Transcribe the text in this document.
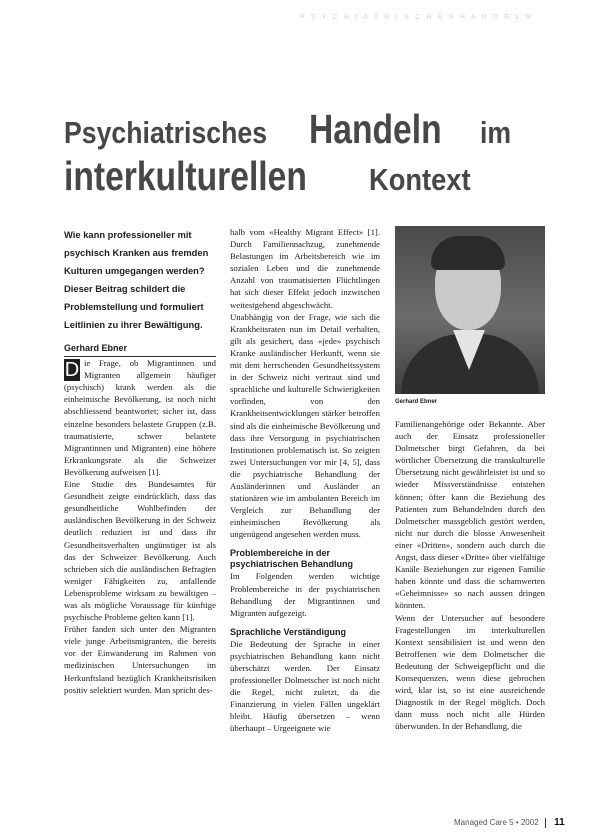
P S Y C H I A T R I S C H E S H A N D E L N
Psychiatrisches Handeln im
interkulturellen Kontext

Wie kann professioneller mit psychisch Kranken aus fremden Kulturen umgegangen werden? Dieser Beitrag schildert die Problemstellung und formuliert Leitlinien zu ihrer Bewältigung.

Gerhard Ebner

D ie Frage, ob Migrantinnen und Migranten allgemein häufiger (psychisch) krank werden als die einheimische Bevölkerung, ist noch nicht abschliessend beantwortet; sicher ist, dass einzelne besonders belastete Gruppen (z.B. traumatisierte, schwer belastete Migrantinnen und Migranten) eine höhere Erkrankungsrate als die Schweizer Bevölkerung aufweisen [1].

Eine Studie des Bundesamtes für Gesundheit zeigte eindrücklich, dass das gesundheitliche Wohlbefinden der ausländischen Bevölkerung in der Schweiz deutlich reduziert ist und dass ihr Gesundheitsverhalten ungünstiger ist als das der Schweizer Bevölkerung. Auch schrieben sich die ausländischen Befragten weniger Fähigkeiten zu, anfallende Lebensprobleme wirksam zu bewältigen – was als mögliche Voraussage für künftige psychische Probleme gelten kann [1].

Früher fanden sich unter den Migranten viele junge Arbeitsmigranten, die bereits vor der Einwanderung im Rahmen von medizinischen Untersuchungen im Herkunftsland bezüglich Krankheitsrisiken positiv selektiert wurden. Man spricht des-

halb vom «Healthy Migrant Effect» [1]. Durch Familiennachzug, zunehmende Belastungen im Arbeitsbereich wie im sozialen Leben und die zunehmende Anzahl von traumatisierten Flüchtlingen hat sich dieser Effekt jedoch inzwischen weitestgehend abgeschwächt.

Unabhängig von der Frage, wie sich die Krankheitsraten nun im Detail verhalten, gilt als gesichert, dass «jede» psychisch Kranke ausländischer Herkunft, wenn sie mit dem herrschenden Gesundheitssystem in der Schweiz nicht vertraut sind und sprachliche und kulturelle Schwierigkeiten vorfinden, von den Krankheitsentwicklungen stärker betroffen sind als die einheimische Bevölkerung und dass ihre Versorgung in psychiatrischen Institutionen problematisch ist. So zeigten zwei Untersuchungen vor mir [4, 5], dass die psychiatrische Behandlung der Ausländerinnen und Ausländer an stationären wie im ambulanten Bereich im Vergleich zur Behandlung der einheimischen Bevölkerung als ungenügend angesehen werden muss.

Problembereiche in der psychiatrischen Behandlung

Im Folgenden werden wichtige Problembereiche in der psychiatrischen Behandlung der Migrantinnen und Migranten aufgezeigt.

Sprachliche Verständigung

Die Bedeutung der Sprache in einer psychiatrischen Behandlung kann nicht überschätzt werden. Der Einsatz professioneller Dolmetscher ist noch nicht die Regel, nicht zuletzt, da die Finanzierung in vielen Fällen ungeklärt bleibt. Häufig übersetzen – wenn überhaupt – Urgeeignete wie

Gerhard Ebner

Familienangehörige oder Bekannte. Aber auch der Einsatz professioneller Dolmetscher birgt Gefahren, da bei wörtlicher Übersetzung die transkulturelle Übersetzung nicht gewährleistet ist und so wieder Missverständnisse entstehen können; öfter kann die Beziehung des Patienten zum Behandelnden durch den Dolmetscher massgeblich gestört werden, nicht nur durch die blosse Anwesenheit einer «Dritten», sondern auch durch die Angst, dass dieser «Dritte» über vielfältige Kanäle Beziehungen zur eigenen Familie haben könnte und dass die schamwerten «Geheimnisse» so nach aussen dringen könnten.

Wenn der Untersucher auf besondere Fragestellungen im interkulturellen Kontext sensibilisiert ist und wenn den Betroffenen wie dem Dolmetscher die Bedeutung der Schweigepflicht und die Konsequenzen, wenn diese gebrochen wird, klar ist, so ist eine ausreichende Diagnostik in der Regel möglich. Doch dann muss noch nicht alle Hürden überwunden. In der Behandlung, die

Managed Care 5 • 2002 11
